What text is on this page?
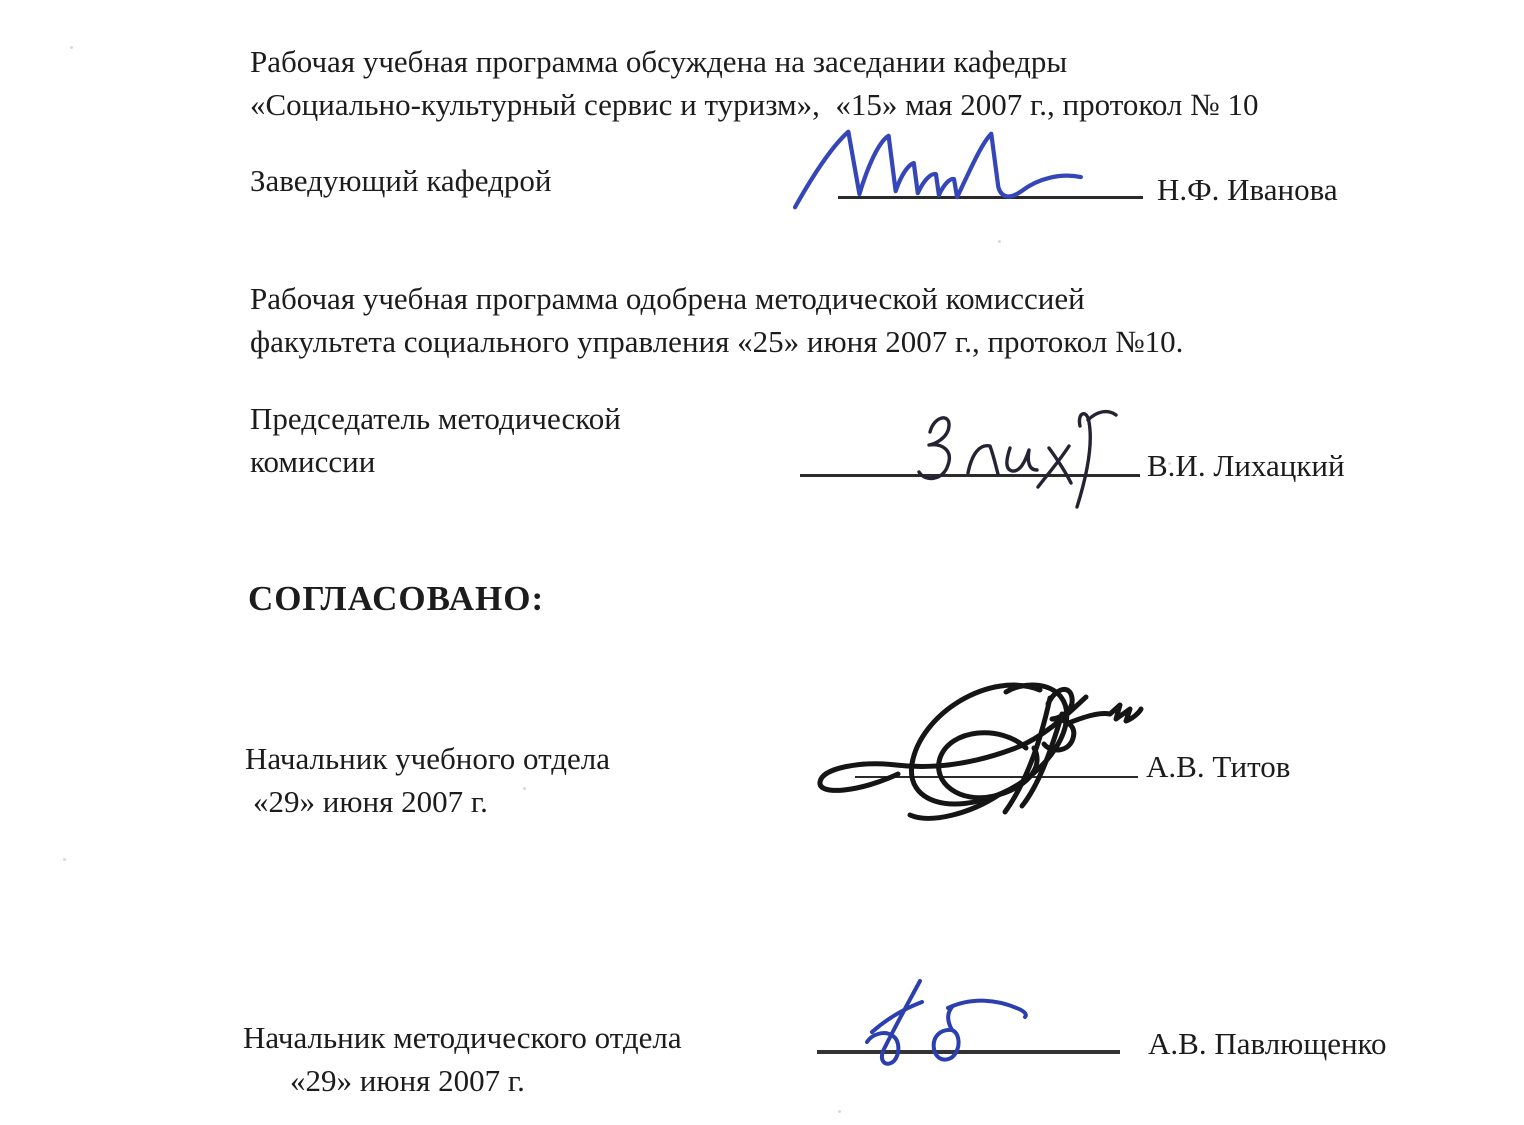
Рабочая учебная программа обсуждена на заседании кафедры
«Социально-культурный сервис и туризм»,  «15» мая 2007 г., протокол № 10
Заведующий кафедрой	Н.Ф. Иванова
Рабочая учебная программа одобрена методической комиссией
факультета социального управления «25» июня 2007 г., протокол №10.
Председатель методической
комиссии	В.И. Лихацкий
СОГЛАСОВАНО:
Начальник учебного отдела
«29» июня 2007 г.
А.В. Титов
Начальник методического отдела
«29» июня 2007 г.
А.В. Павлющенко
